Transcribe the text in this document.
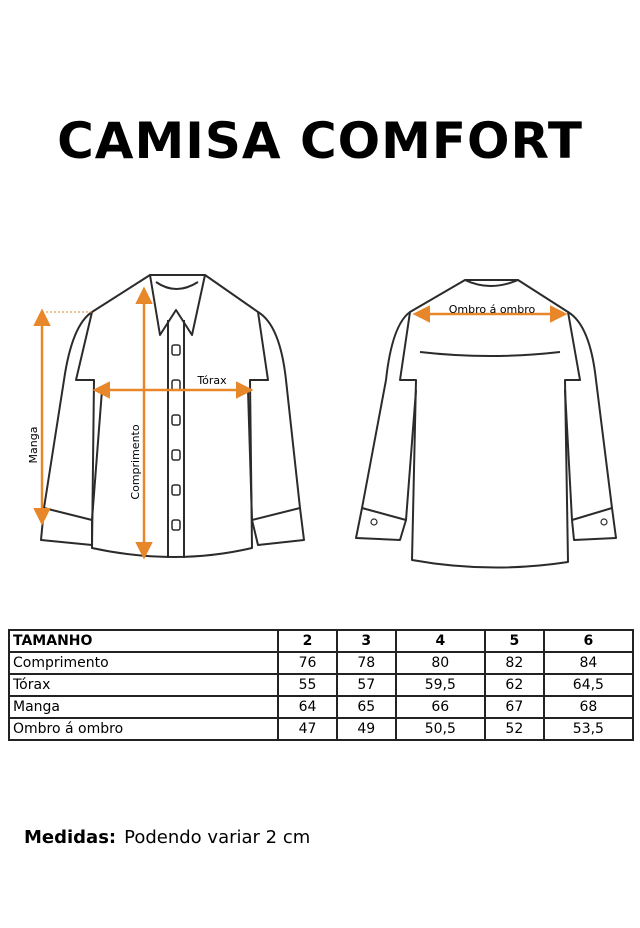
CAMISA COMFORT
Manga	Comprimento
Tórax
Ombro á ombro
TAMANHO	2	3	4	5	6
Comprimento	76	78	80	82	84
Tórax	55	57	59,5	62	64,5
Manga	64	65	66	67	68
Ombro á ombro	47	49	50,5	52	53,5
Medidas: Podendo variar 2 cm
